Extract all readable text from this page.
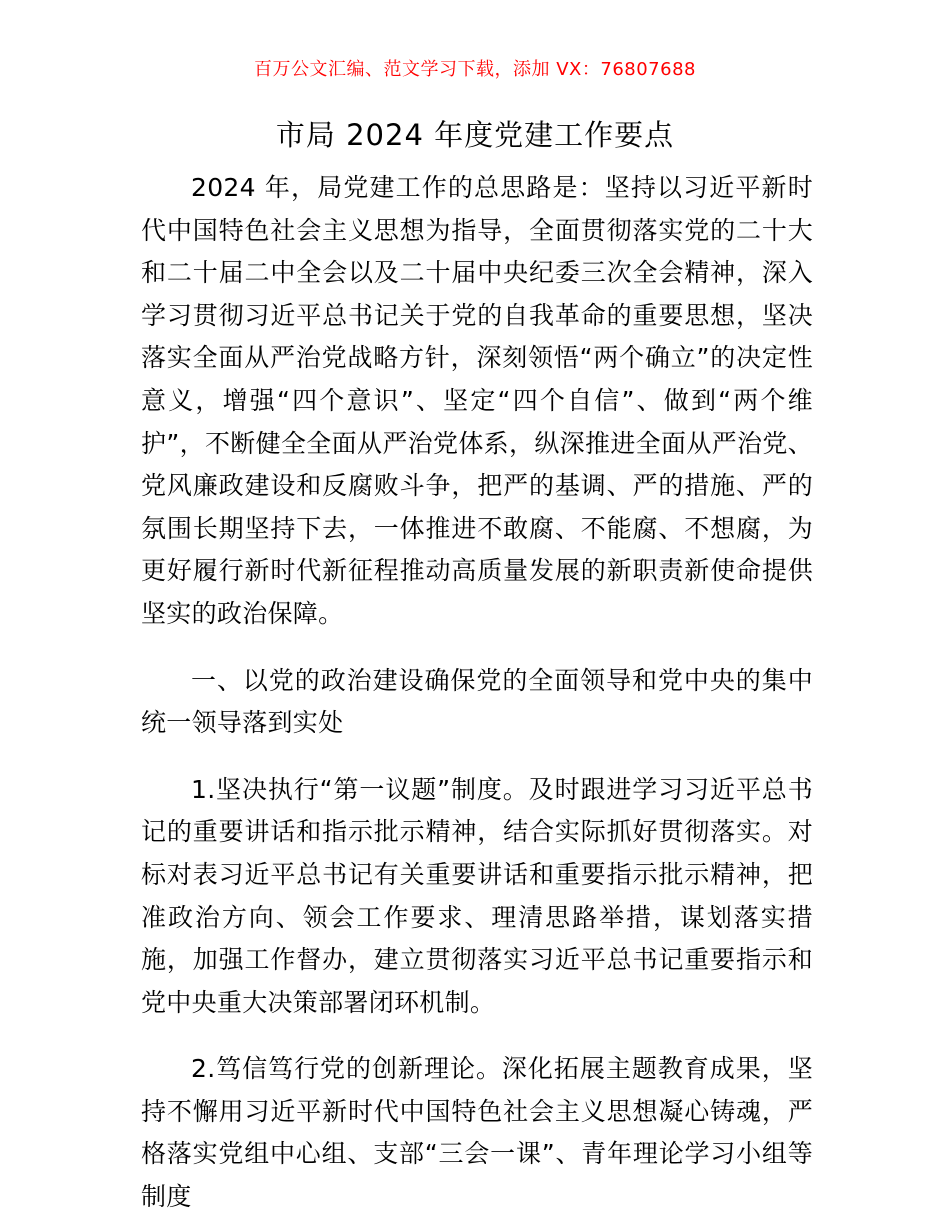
百万公文汇编、范文学习下载，添加 VX：76807688
市局 2024 年度党建工作要点

2024 年，局党建工作的总思路是：坚持以习近平新时代中国特色社会主义思想为指导，全面贯彻落实党的二十大和二十届二中全会以及二十届中央纪委三次全会精神，深入学习贯彻习近平总书记关于党的自我革命的重要思想，坚决落实全面从严治党战略方针，深刻领悟“两个确立”的决定性意义，增强“四个意识”、坚定“四个自信”、做到“两个维护”，不断健全全面从严治党体系，纵深推进全面从严治党、党风廉政建设和反腐败斗争，把严的基调、严的措施、严的氛围长期坚持下去，一体推进不敢腐、不能腐、不想腐，为更好履行新时代新征程推动高质量发展的新职责新使命提供坚实的政治保障。

一、以党的政治建设确保党的全面领导和党中央的集中统一领导落到实处

1.坚决执行“第一议题”制度。及时跟进学习习近平总书记的重要讲话和指示批示精神，结合实际抓好贯彻落实。对标对表习近平总书记有关重要讲话和重要指示批示精神，把准政治方向、领会工作要求、理清思路举措，谋划落实措施，加强工作督办，建立贯彻落实习近平总书记重要指示和党中央重大决策部署闭环机制。

2.笃信笃行党的创新理论。深化拓展主题教育成果，坚持不懈用习近平新时代中国特色社会主义思想凝心铸魂，严格落实党组中心组、支部“三会一课”、青年理论学习小组等制度
